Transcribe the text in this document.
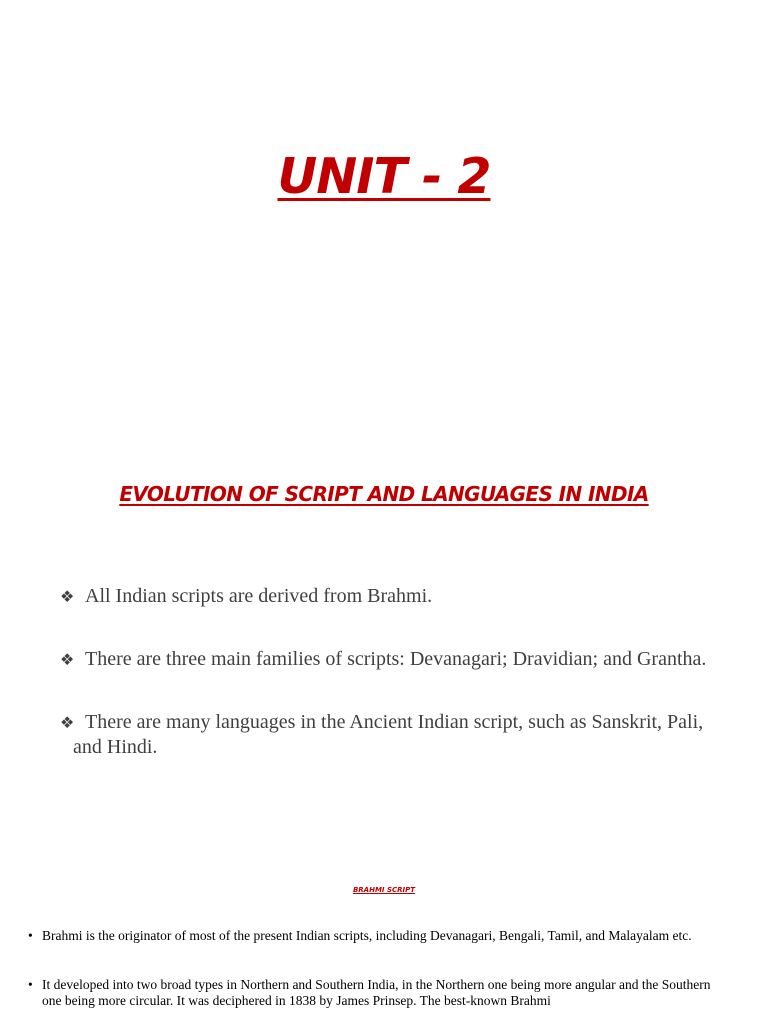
UNIT - 2
EVOLUTION OF SCRIPT AND LANGUAGES IN INDIA
❖ All Indian scripts are derived from Brahmi.
❖ There are three main families of scripts: Devanagari; Dravidian; and Grantha.
❖ There are many languages in the Ancient Indian script, such as Sanskrit, Pali, and Hindi.
BRAHMI SCRIPT
• Brahmi is the originator of most of the present Indian scripts, including Devanagari, Bengali, Tamil, and Malayalam etc.
• It developed into two broad types in Northern and Southern India, in the Northern one being more angular and the Southern one being more circular. It was deciphered in 1838 by James Prinsep. The best-known Brahmi
